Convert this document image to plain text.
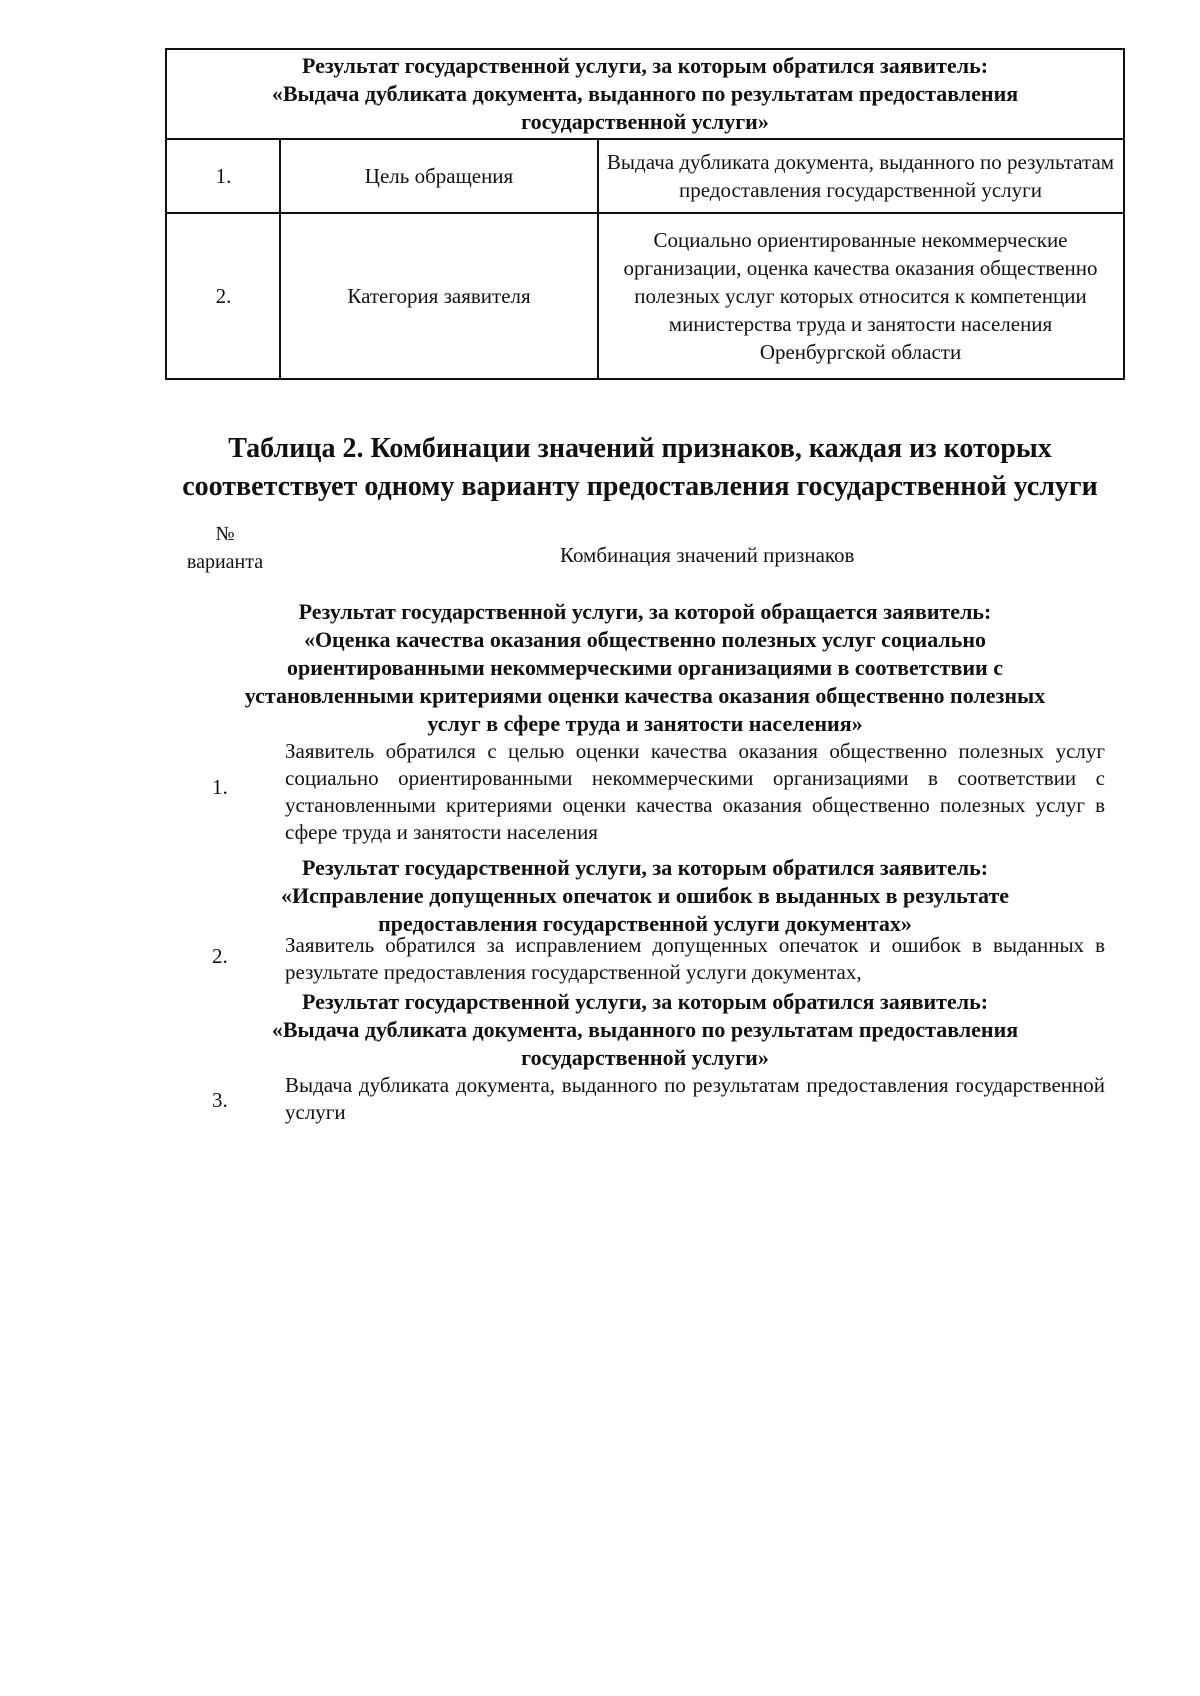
Результат государственной услуги, за которым обратился заявитель:
«Выдача дубликата документа, выданного по результатам предоставления
государственной услуги»
1.	Цель обращения
Выдача дубликата документа, выданного по результатам предоставления государственной услуги
2.	Категория заявителя
Социально ориентированные некоммерческие организации, оценка качества оказания общественно полезных услуг которых относится к компетенции министерства труда и занятости населения Оренбургской области
Таблица 2. Комбинации значений признаков, каждая из которых
соответствует одному варианту предоставления государственной услуги
№
варианта	Комбинация значений признаков
Результат государственной услуги, за которой обращается заявитель:
«Оценка качества оказания общественно полезных услуг социально
ориентированными некоммерческими организациями в соответствии с
установленными критериями оценки качества оказания общественно полезных
услуг в сфере труда и занятости населения»
1.
Заявитель обратился с целью оценки качества оказания общественно полезных услуг социально ориентированными некоммерческими организациями в соответствии с установленными критериями оценки качества оказания общественно полезных услуг в сфере труда и занятости населения
Результат государственной услуги, за которым обратился заявитель:
«Исправление допущенных опечаток и ошибок в выданных в результате
предоставления государственной услуги документах»
2.	Заявитель обратился за исправлением допущенных опечаток и ошибок в выданных в результате предоставления государственной услуги документах,
Результат государственной услуги, за которым обратился заявитель:
«Выдача дубликата документа, выданного по результатам предоставления
государственной услуги»
3.
Выдача дубликата документа, выданного по результатам предоставления государственной услуги
